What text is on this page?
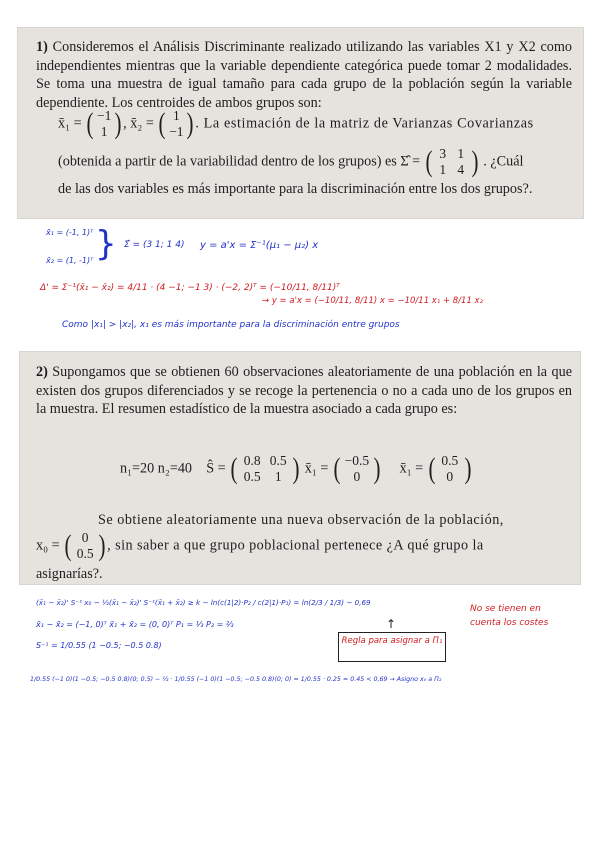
1) Consideremos el Análisis Discriminante realizado utilizando las variables X1 y X2 como independientes mientras que la variable dependiente categórica puede tomar 2 modalidades. Se toma una muestra de igual tamaño para cada grupo de la población según la variable dependiente. Los centroides de ambos grupos son:
x̄₁ = ( −1
1 ) , x̄₂ = ( 1
−1 ) . La estimación de la matriz de Varianzas Covarianzas
(obtenida a partir de la variabilidad dentro de los grupos) es Σ̂ = ( 3 1
1 4 ) . ¿Cuál
de las dos variables es más importante para la discriminación entre los dos grupos?.
x̄₁ = (-1, 1)ᵀ
x̄₂ = (1, -1)ᵀ } Σ̂ = (3 1; 1 4) y = a'x = Σ⁻¹(μ₁ − μ₂) x
Δ' = Σ⁻¹(x̄₁ − x̄₂) = 4/11 · (4 −1; −1 3) · (−2, 2)ᵀ = (−10/11, 8/11)ᵀ
→ y = a'x = (−10/11, 8/11) x = −10/11 x₁ + 8/11 x₂
Como |x₁| > |x₂|, x₁ es más importante para la discriminación entre grupos
2) Supongamos que se obtienen 60 observaciones aleatoriamente de una población en la que existen dos grupos diferenciados y se recoge la pertenencia o no a cada uno de los grupos en la muestra. El resumen estadístico de la muestra asociado a cada grupo es:
n₁=20 n₂=40 Ŝ = ( 0.8 0.5
0.5 1 ) x̄₁ = ( −0.5
0 ) x̄₁ = ( 0.5
0 )
Se obtiene aleatoriamente una nueva observación de la población,
x₀ = ( 0
0.5 ) , sin saber a que grupo poblacional pertenece ¿A qué grupo la
asignarías?.
(x̄₁ − x̄₂)' S⁻¹ x₀ − ½(x̄₁ − x̄₂)' S⁻¹(x̄₁ + x̄₂) ≥ k − ln(c(1|2)·P₂ / c(2|1)·P₁) = ln(2/3 / 1/3) − 0,69
x̄₁ − x̄₂ = (−1, 0)ᵀ x̄₁ + x̄₂ = (0, 0)ᵀ P₁ = ⅓ P₂ = ⅔
S⁻¹ = 1/0.55 (1 −0.5; −0.5 0.8)
1/0.55 (−1 0)(1 −0.5; −0.5 0.8)(0; 0.5) − ½ · 1/0.55 (−1 0)(1 −0.5; −0.5 0.8)(0; 0) = 1/0.55 · 0.25 = 0.45 < 0,69 → Asigno x₀ a Π₂
No se tienen en cuenta los costes
↑
Regla para asignar a Π₁
